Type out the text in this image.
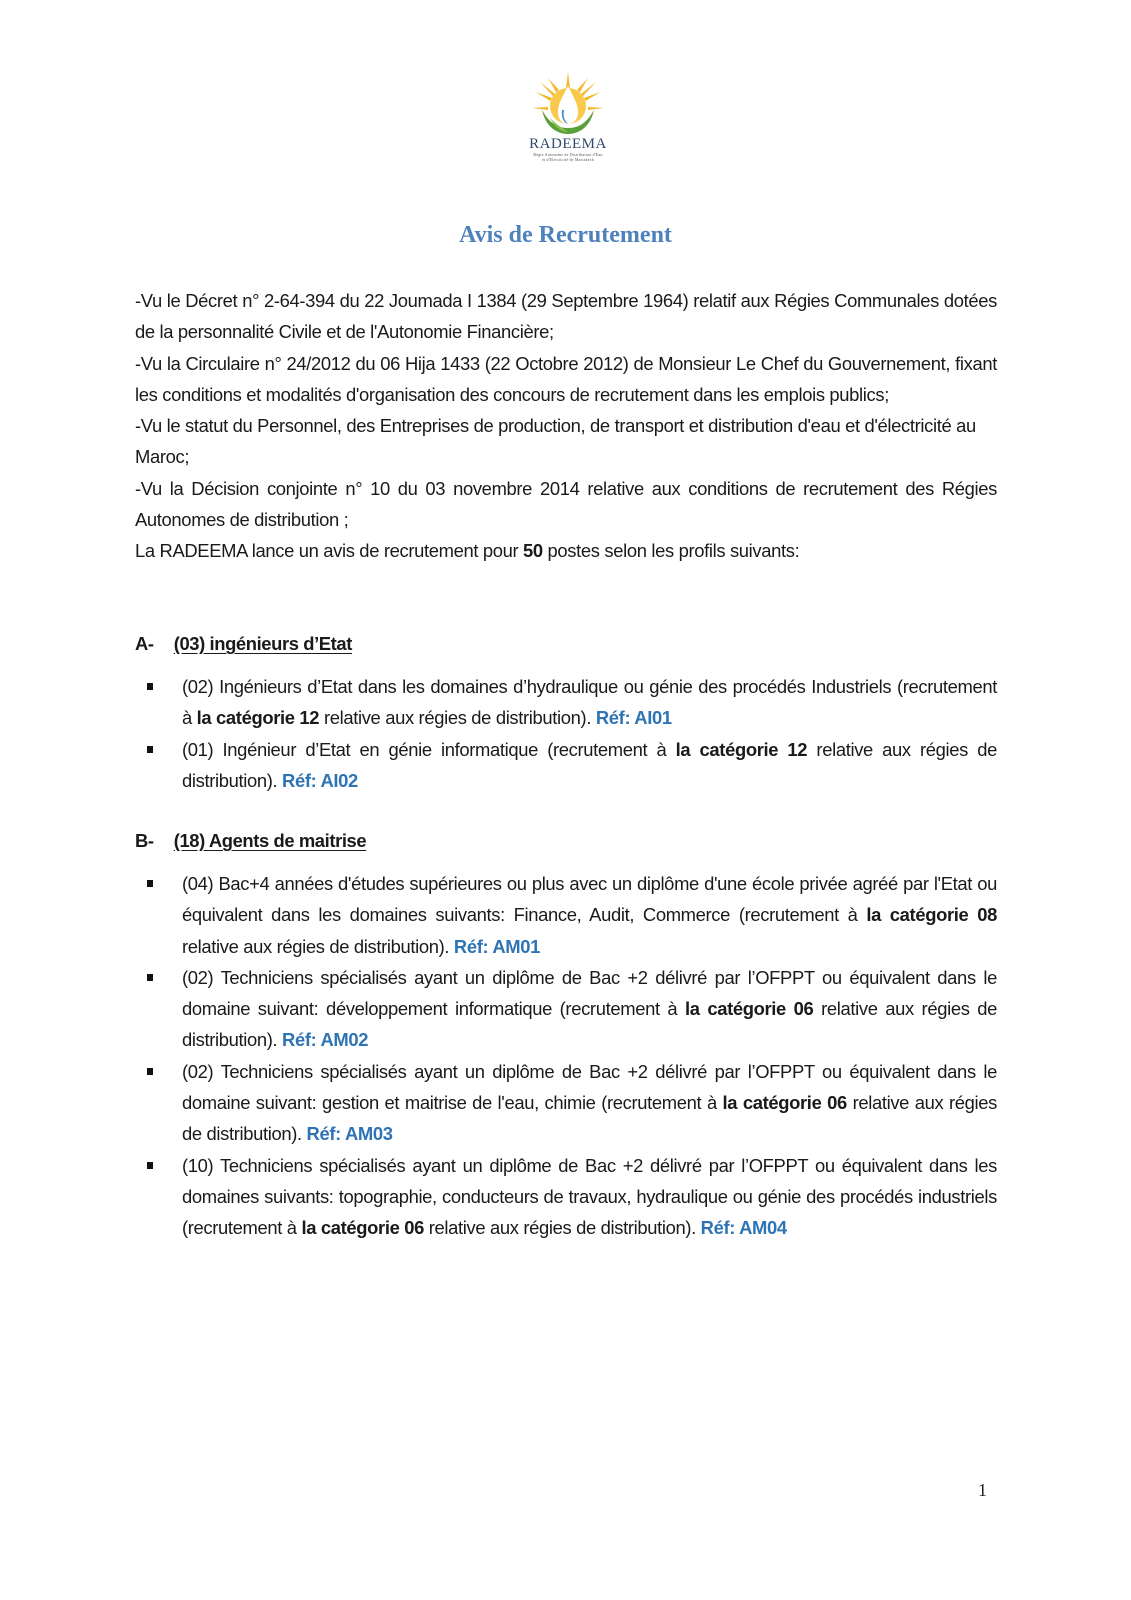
RADEEMA
Régie Autonome de Distribution d'Eau
et d'Electricité de Marrakech
Avis de Recrutement

-Vu le Décret n° 2-64-394 du 22 Joumada I 1384 (29 Septembre 1964) relatif aux Régies Communales dotées de la personnalité Civile et de l'Autonomie Financière;

-Vu la Circulaire n° 24/2012 du 06 Hija 1433 (22 Octobre 2012) de Monsieur Le Chef du Gouvernement, fixant les conditions et modalités d'organisation des concours de recrutement dans les emplois publics;

-Vu le statut du Personnel, des Entreprises de production, de transport et distribution d'eau et d'électricité au Maroc;

-Vu la Décision conjointe n° 10 du 03 novembre 2014 relative aux conditions de recrutement des Régies Autonomes de distribution ;

La RADEEMA lance un avis de recrutement pour 50 postes selon les profils suivants:

A- (03) ingénieurs d’Etat
(02) Ingénieurs d’Etat dans les domaines d’hydraulique ou génie des procédés Industriels (recrutement à la catégorie 12 relative aux régies de distribution). Réf: AI01
(01) Ingénieur d’Etat en génie informatique (recrutement à la catégorie 12 relative aux régies de distribution). Réf: AI02
B- (18) Agents de maitrise
(04) Bac+4 années d'études supérieures ou plus avec un diplôme d'une école privée agréé par l'Etat ou équivalent dans les domaines suivants: Finance, Audit, Commerce (recrutement à la catégorie 08 relative aux régies de distribution). Réf: AM01
(02) Techniciens spécialisés ayant un diplôme de Bac +2 délivré par l’OFPPT ou équivalent dans le domaine suivant: développement informatique (recrutement à la catégorie 06 relative aux régies de distribution). Réf: AM02
(02) Techniciens spécialisés ayant un diplôme de Bac +2 délivré par l’OFPPT ou équivalent dans le domaine suivant: gestion et maitrise de l'eau, chimie (recrutement à la catégorie 06 relative aux régies de distribution). Réf: AM03
(10) Techniciens spécialisés ayant un diplôme de Bac +2 délivré par l’OFPPT ou équivalent dans les domaines suivants: topographie, conducteurs de travaux, hydraulique ou génie des procédés industriels (recrutement à la catégorie 06 relative aux régies de distribution). Réf: AM04
1
